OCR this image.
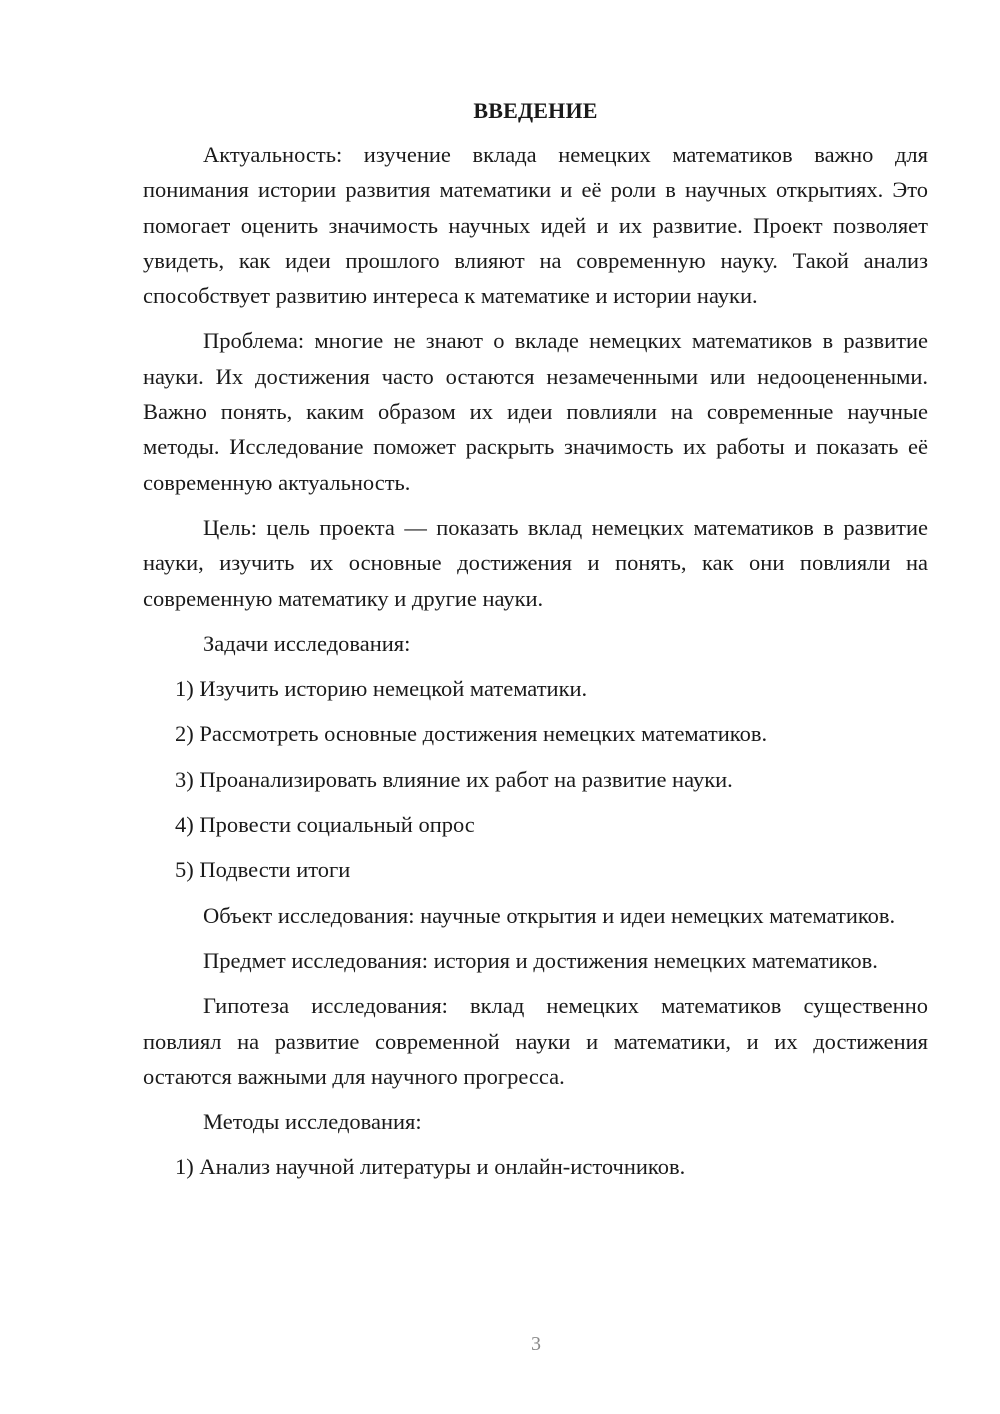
ВВЕДЕНИЕ

Актуальность: изучение вклада немецких математиков важно для понимания истории развития математики и её роли в научных открытиях. Это помогает оценить значимость научных идей и их развитие. Проект позволяет увидеть, как идеи прошлого влияют на современную науку. Такой анализ способствует развитию интереса к математике и истории науки.

Проблема: многие не знают о вкладе немецких математиков в развитие науки. Их достижения часто остаются незамеченными или недооцененными. Важно понять, каким образом их идеи повлияли на современные научные методы. Исследование поможет раскрыть значимость их работы и показать её современную актуальность.

Цель: цель проекта — показать вклад немецких математиков в развитие науки, изучить их основные достижения и понять, как они повлияли на современную математику и другие науки.

Задачи исследования:

1) Изучить историю немецкой математики.
2) Рассмотреть основные достижения немецких математиков.
3) Проанализировать влияние их работ на развитие науки.
4) Провести социальный опрос
5) Подвести итоги

Объект исследования: научные открытия и идеи немецких математиков.

Предмет исследования: история и достижения немецких математиков.

Гипотеза исследования: вклад немецких математиков существенно повлиял на развитие современной науки и математики, и их достижения остаются важными для научного прогресса.

Методы исследования:

1) Анализ научной литературы и онлайн-источников.
3
